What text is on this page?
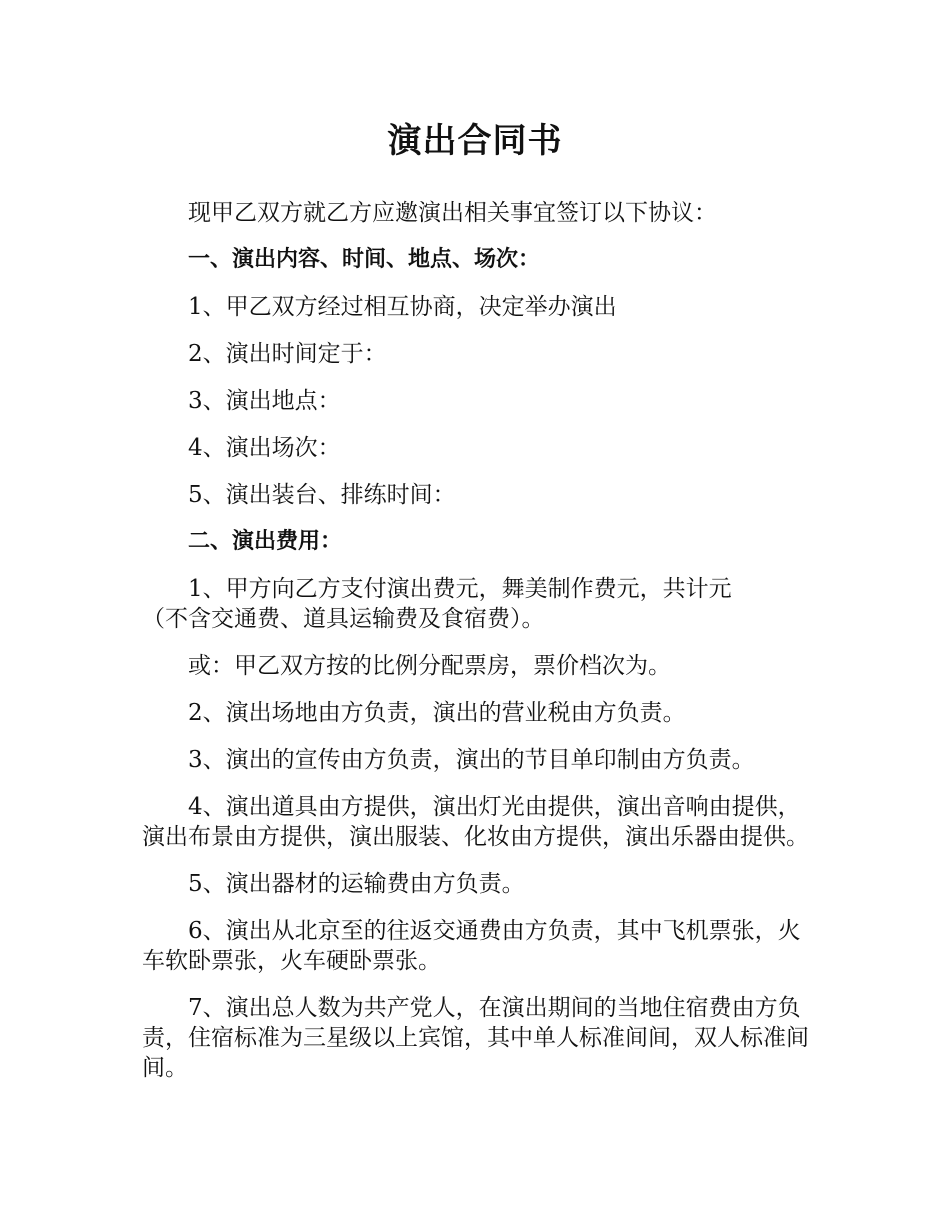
演出合同书

现甲乙双方就乙方应邀演出相关事宜签订以下协议：

一、演出内容、时间、地点、场次：

1、甲乙双方经过相互协商，决定举办演出

2、演出时间定于：

3、演出地点：

4、演出场次：

5、演出装台、排练时间：

二、演出费用：

1、甲方向乙方支付演出费元，舞美制作费元，共计元

（不含交通费、道具运输费及食宿费）。

或：甲乙双方按的比例分配票房，票价档次为。

2、演出场地由方负责，演出的营业税由方负责。

3、演出的宣传由方负责，演出的节目单印制由方负责。

4、演出道具由方提供，演出灯光由提供，演出音响由提供，演出布景由方提供，演出服装、化妆由方提供，演出乐器由提供。

5、演出器材的运输费由方负责。

6、演出从北京至的往返交通费由方负责，其中飞机票张，火车软卧票张，火车硬卧票张。

7、演出总人数为共产党人，在演出期间的当地住宿费由方负责，住宿标准为三星级以上宾馆，其中单人标准间间，双人标准间间。
